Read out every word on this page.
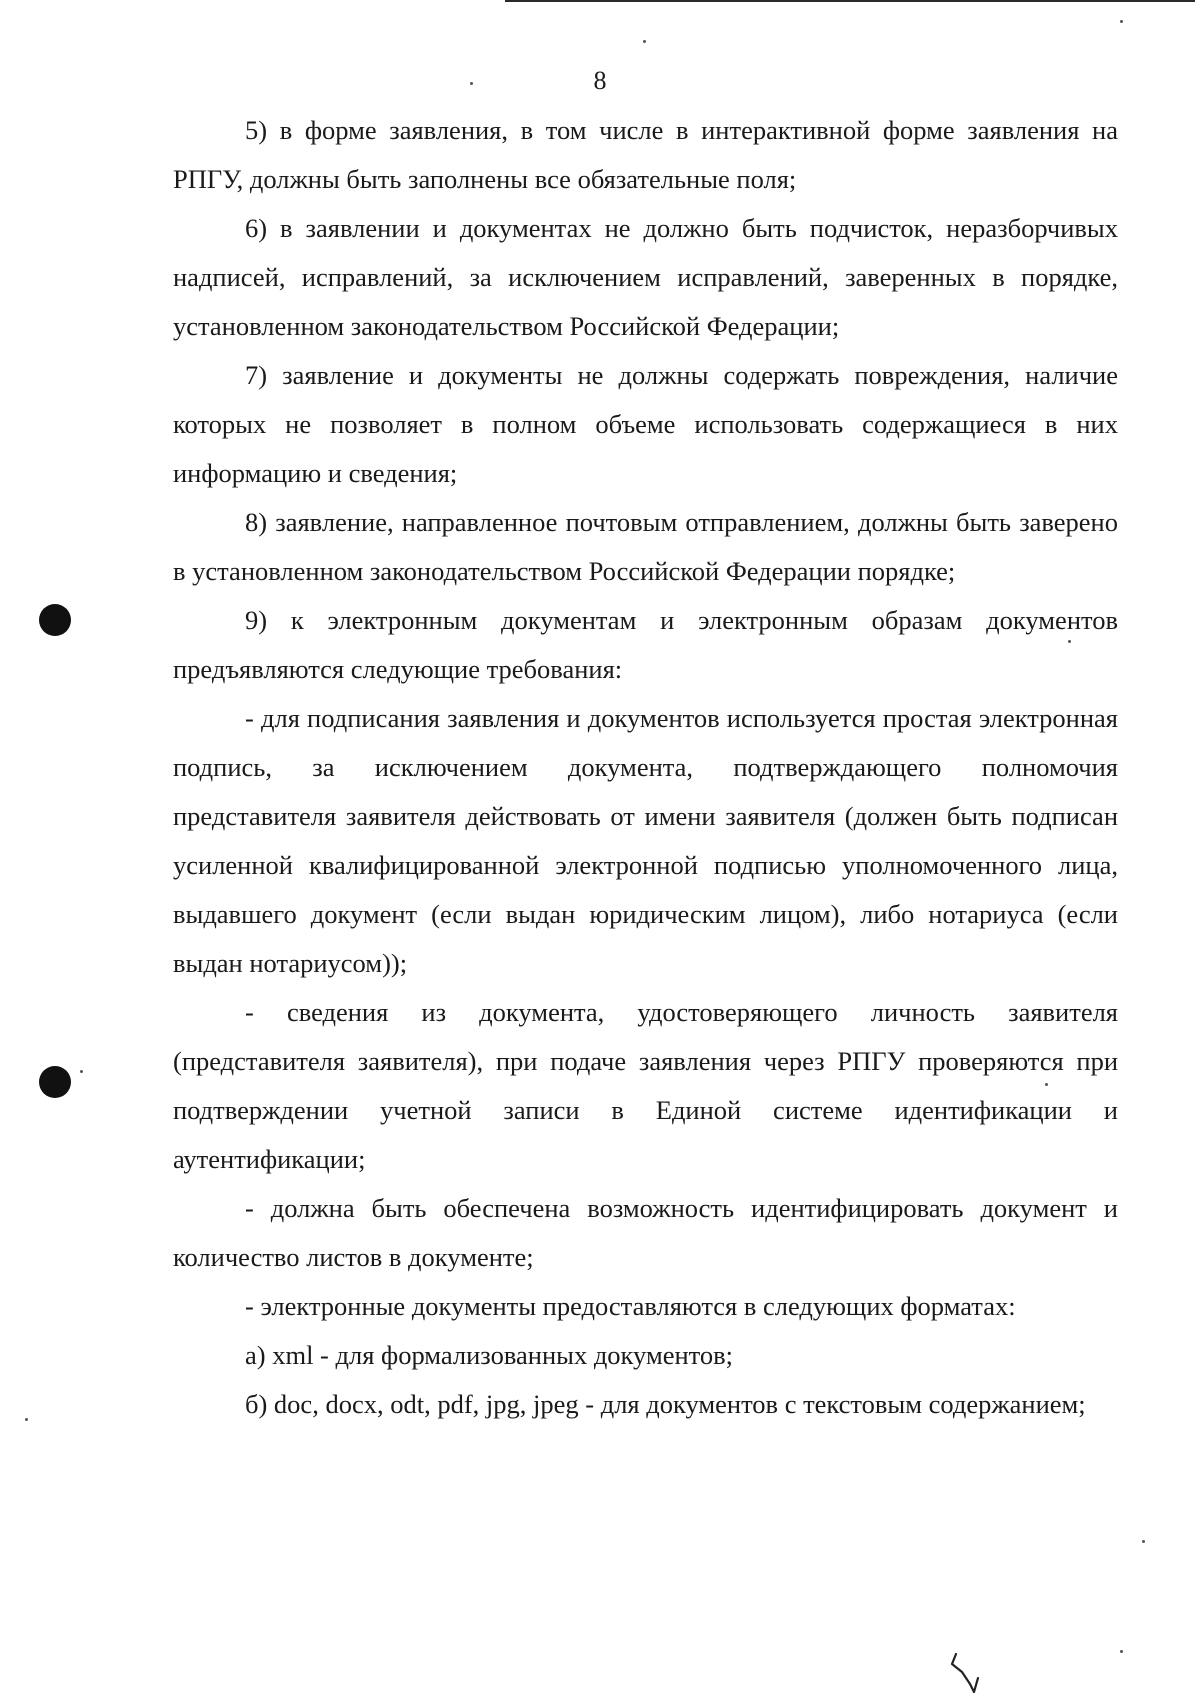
8

5) в форме заявления, в том числе в интерактивной форме заявления на РПГУ, должны быть заполнены все обязательные поля;

6) в заявлении и документах не должно быть подчисток, неразборчивых надписей, исправлений, за исключением исправлений, заверенных в порядке, установленном законодательством Российской Федерации;

7) заявление и документы не должны содержать повреждения, наличие которых не позволяет в полном объеме использовать содержащиеся в них информацию и сведения;

8) заявление, направленное почтовым отправлением, должны быть заверено в установленном законодательством Российской Федерации порядке;

9) к электронным документам и электронным образам документов предъявляются следующие требования:

- для подписания заявления и документов используется простая электронная подпись, за исключением документа, подтверждающего полномочия представителя заявителя действовать от имени заявителя (должен быть подписан усиленной квалифицированной электронной подписью уполномоченного лица, выдавшего документ (если выдан юридическим лицом), либо нотариуса (если выдан нотариусом));

- сведения из документа, удостоверяющего личность заявителя (представителя заявителя), при подаче заявления через РПГУ проверяются при подтверждении учетной записи в Единой системе идентификации и аутентификации;

- должна быть обеспечена возможность идентифицировать документ и количество листов в документе;

- электронные документы предоставляются в следующих форматах:

а) xml - для формализованных документов;

б) doc, docx, odt, pdf, jpg, jpeg - для документов с текстовым содержанием;
